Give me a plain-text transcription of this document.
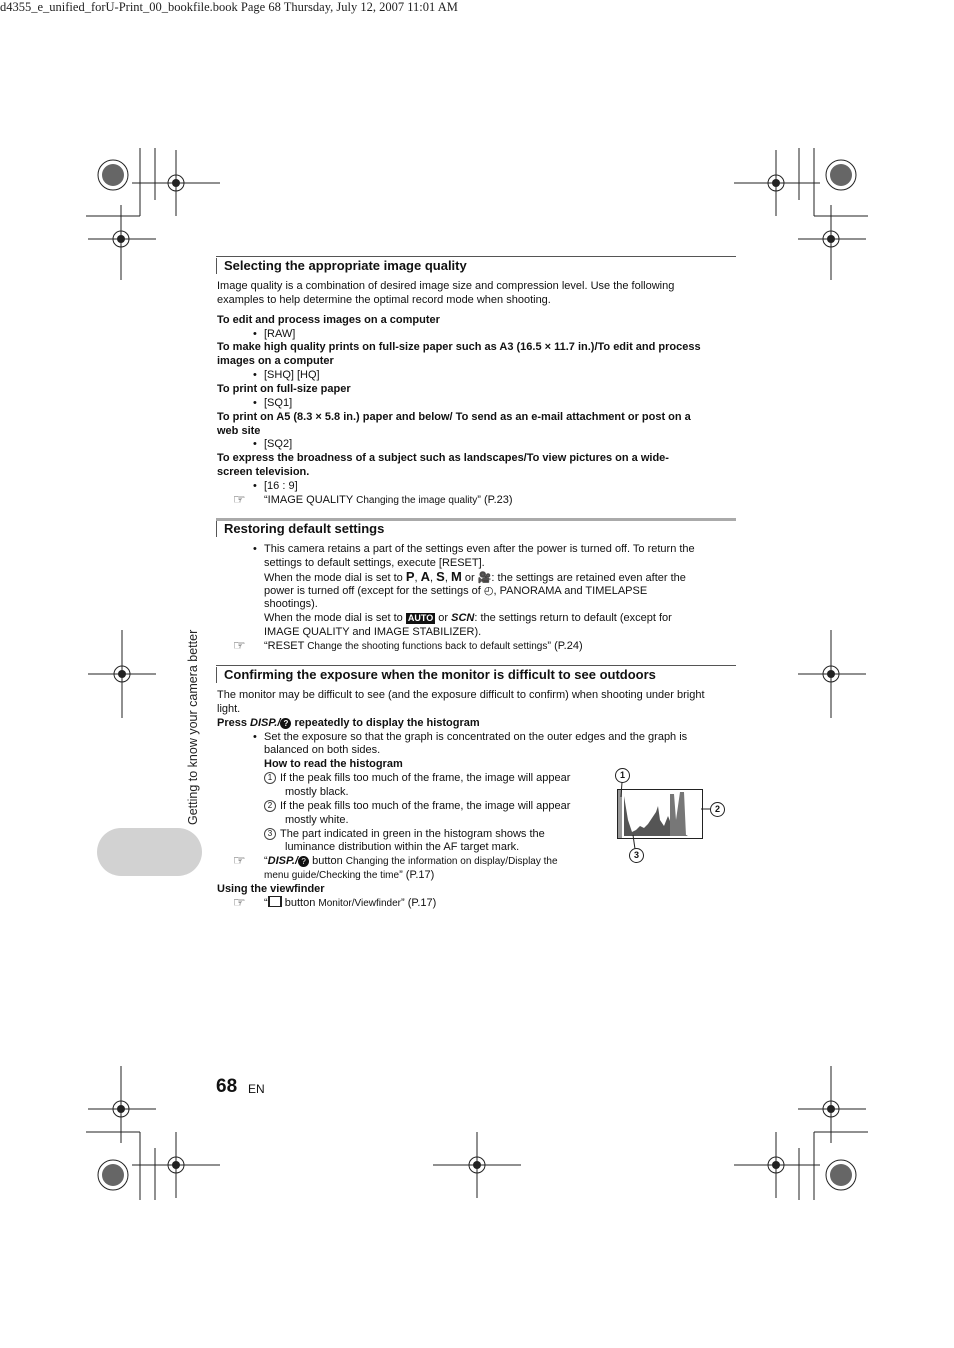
d4355_e_unified_forU-Print_00_bookfile.book Page 68 Thursday, July 12, 2007 11:01 AM
Selecting the appropriate image quality
Image quality is a combination of desired image size and compression level. Use the following
examples to help determine the optimal record mode when shooting.
To edit and process images on a computer
• [RAW]
To make high quality prints on full-size paper such as A3 (16.5 × 11.7 in.)/To edit and process
images on a computer
• [SHQ] [HQ]
To print on full-size paper
• [SQ1]
To print on A5 (8.3 × 5.8 in.) paper and below/ To send as an e-mail attachment or post on a
web site
• [SQ2]
To express the broadness of a subject such as landscapes/To view pictures on a wide-
screen television.
• [16 : 9]
☞ “IMAGE QUALITY Changing the image quality” (P.23)
Restoring default settings
• This camera retains a part of the settings even after the power is turned off. To return the
settings to default settings, execute [RESET].
When the mode dial is set to P, A, S, M or 🎥: the settings are retained even after the
power is turned off (except for the settings of ◴, PANORAMA and TIMELAPSE
shootings).
When the mode dial is set to AUTO or SCN: the settings return to default (except for
IMAGE QUALITY and IMAGE STABILIZER).
☞ “RESET Change the shooting functions back to default settings” (P.24)
Confirming the exposure when the monitor is difficult to see outdoors
The monitor may be difficult to see (and the exposure difficult to confirm) when shooting under bright
light.
Press DISP./ ? repeatedly to display the histogram
• Set the exposure so that the graph is concentrated on the outer edges and the graph is
balanced on both sides.
How to read the histogram
1 If the peak fills too much of the frame, the image will appear
mostly black.
2 If the peak fills too much of the frame, the image will appear
mostly white.
3 The part indicated in green in the histogram shows the
luminance distribution within the AF target mark.
1
2
3
☞ “DISP./ ? button Changing the information on display/Display the
menu guide/Checking the time” (P.17)
Using the viewfinder
☞ “ button Monitor/Viewfinder” (P.17)
Getting to know your camera better
68 EN
